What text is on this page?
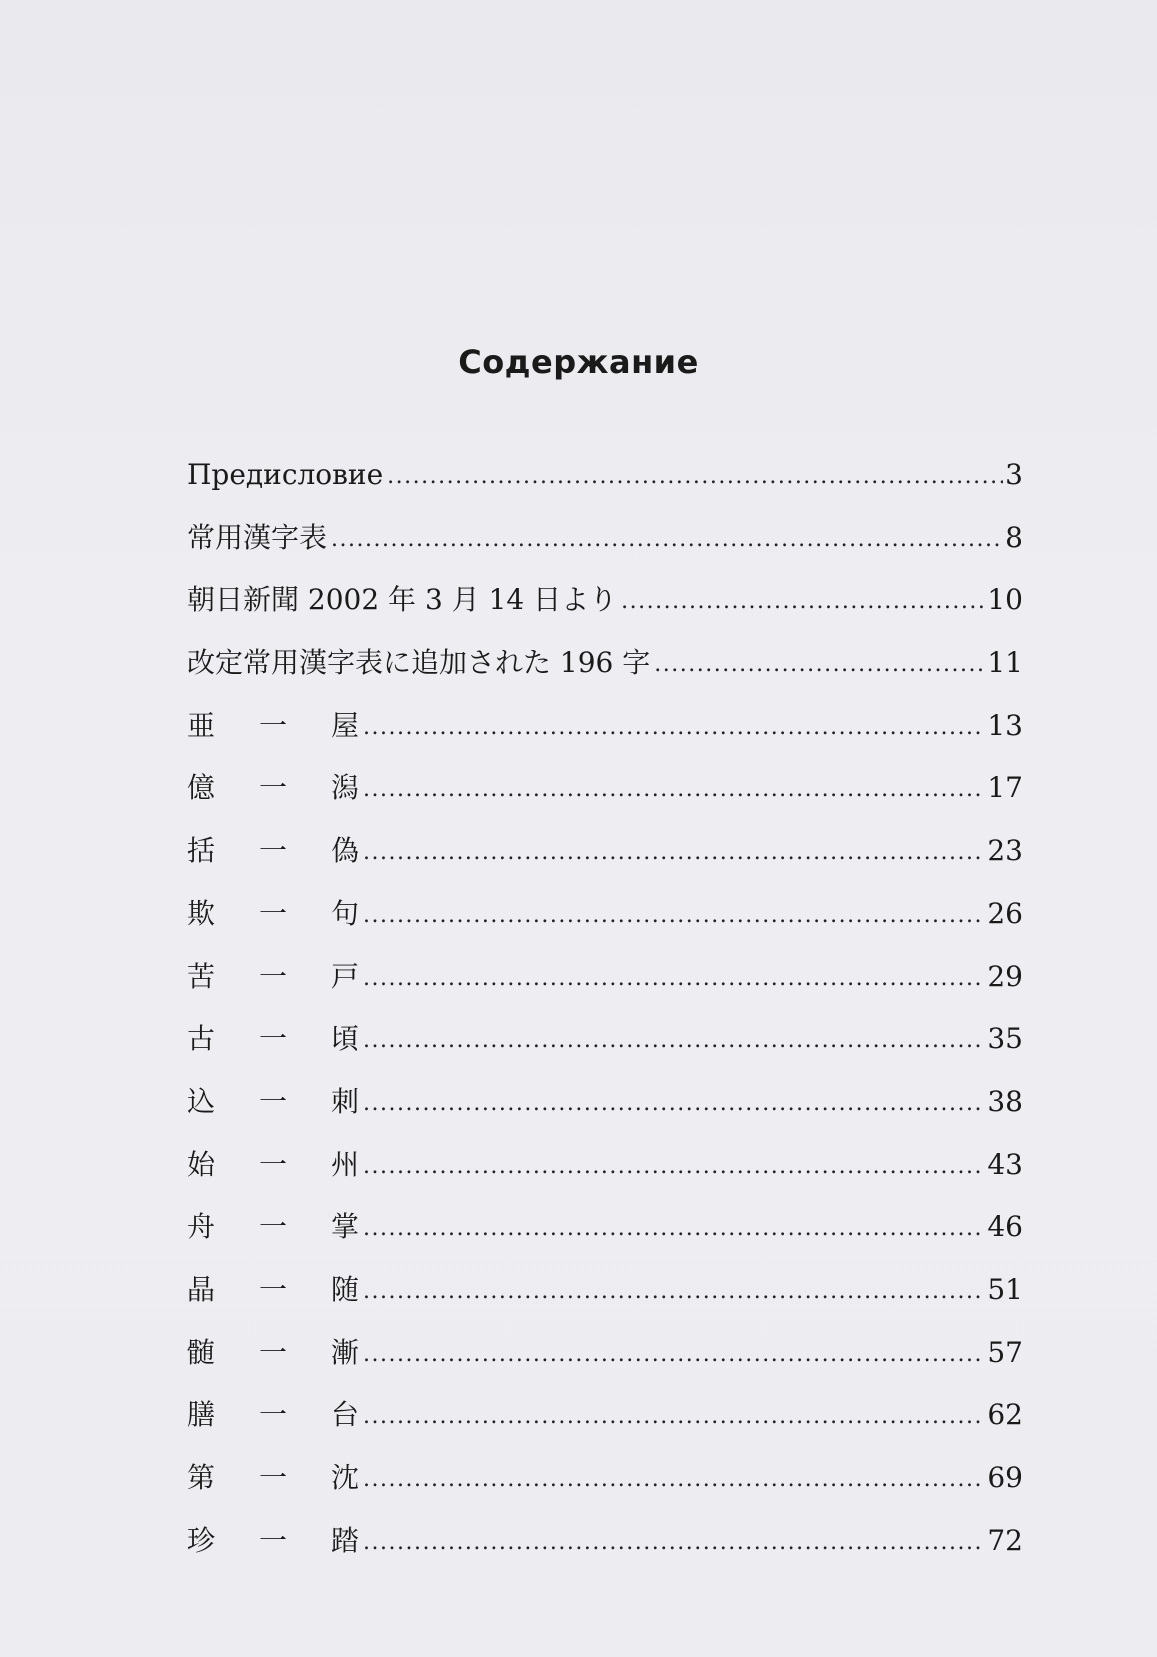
Содержание
Предисловие .....	3
常用漢字表 .....	8
朝日新聞 2002 年 3 月 14 日より .....	10
改定常用漢字表に追加された 196 字 .....	11
亜	一	屋 .....	13
億	一	潟 .....	17
括	一	偽 .....	23
欺	一	句 .....	26
苦	一	戸 .....	29
古	一	頃 .....	35
込	一	刺 .....	38
始	一	州 .....	43
舟	一	掌 .....	46
晶	一	随 .....	51
髄	一	漸 .....	57
膳	一	台 .....	62
第	一	沈 .....	69
珍	一	踏 .....	72
